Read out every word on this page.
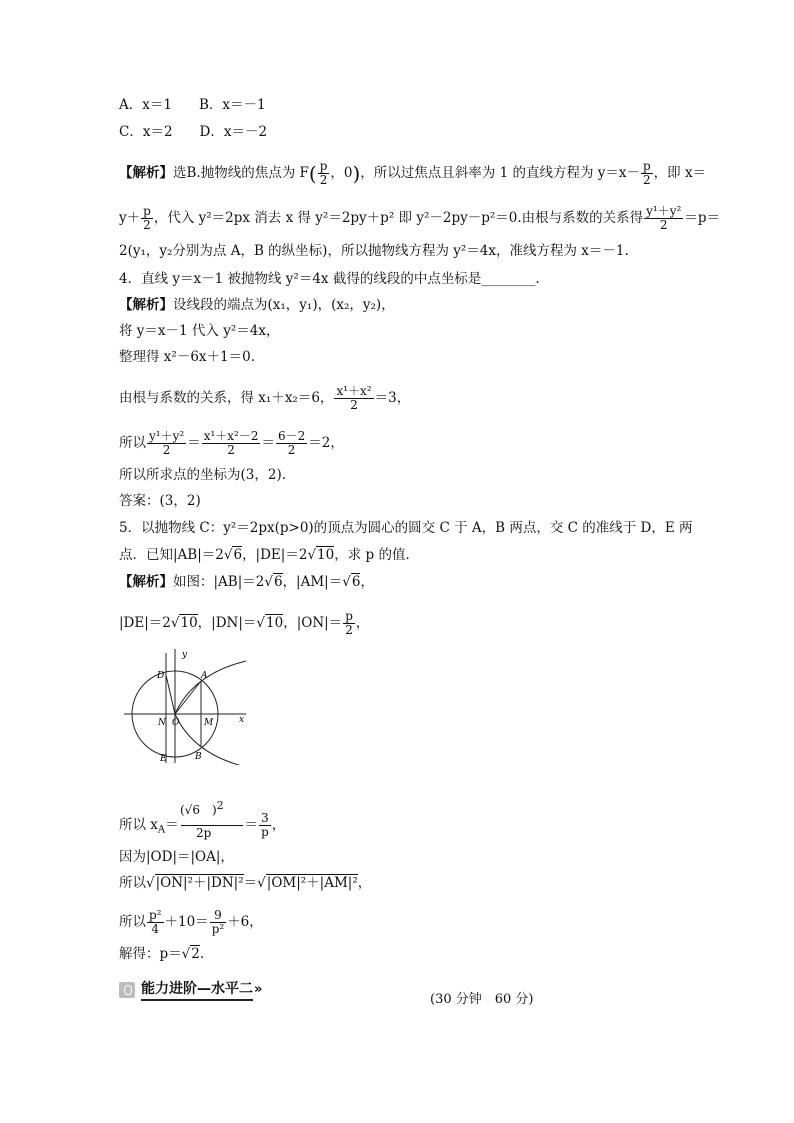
A．x＝1　　B．x＝－1
C．x＝2　　D．x＝－2
【解析】选B.抛物线的焦点为 $F( \frac{p}{2}$ ，0)，所以过焦点且斜率为 1 的直线方程为 $y=x- \frac{p}{2}$ ，即 x＝
$y+ \frac{p}{2}$ ，代入 y²＝2px 消去 x 得 y²＝2py＋p² 即 y²－2py－p²＝0.由根与系数的关系得 $\frac{\text{y¹＋y²}}{2} =p=$
2(y₁，y₂分别为点 A，B 的纵坐标)，所以抛物线方程为 y²＝4x，准线方程为 x＝－1.
4．直线 y＝x－1 被抛物线 y²＝4x 截得的线段的中点坐标是________.
【解析】设线段的端点为(x₁，y₁)，(x₂，y₂)，
将 y＝x－1 代入 y²＝4x，
整理得 x²－6x＋1＝0.
由根与系数的关系，得 x₁＋x₂＝6， $\frac{\text{x¹＋x²}}{2} =3$，
所以 $\frac{\text{y¹＋y²}}{2} = \frac{\text{x¹＋x²－2}}{2} = \frac{6-2}{2} =2$，
所以所求点的坐标为(3，2).
答案：(3，2)
5．以抛物线 C：y²＝2px(p>0)的顶点为圆心的圆交 C 于 A，B 两点，交 C 的准线于 D，E 两
点．已知|AB|＝2 √ 6，|DE|＝2 √ 10，求 p 的值．
【解析】如图：|AB|＝2 √ 6，|AM|＝ √ 6，
|DE|＝2 √ 10，|DN|＝ √ 10，$|ON|= \frac{p}{2}$ ，
y
x
D	A
N O	M
E	B
(√6　)$^2$
所以 $x_A=$	＝ $\frac{3}{p}$ ，
2p
因为|OD|＝|OA|，
所以 √ |ON|²＋|DN|²＝ √ |OM|²＋|AM|²，
所以 $\frac{\text{p²}}{4} +10= \frac{9}{\text{p²}} +6$，
解得：p＝ √ 2.
能力进阶—水平二 »
(30 分钟　60 分)
